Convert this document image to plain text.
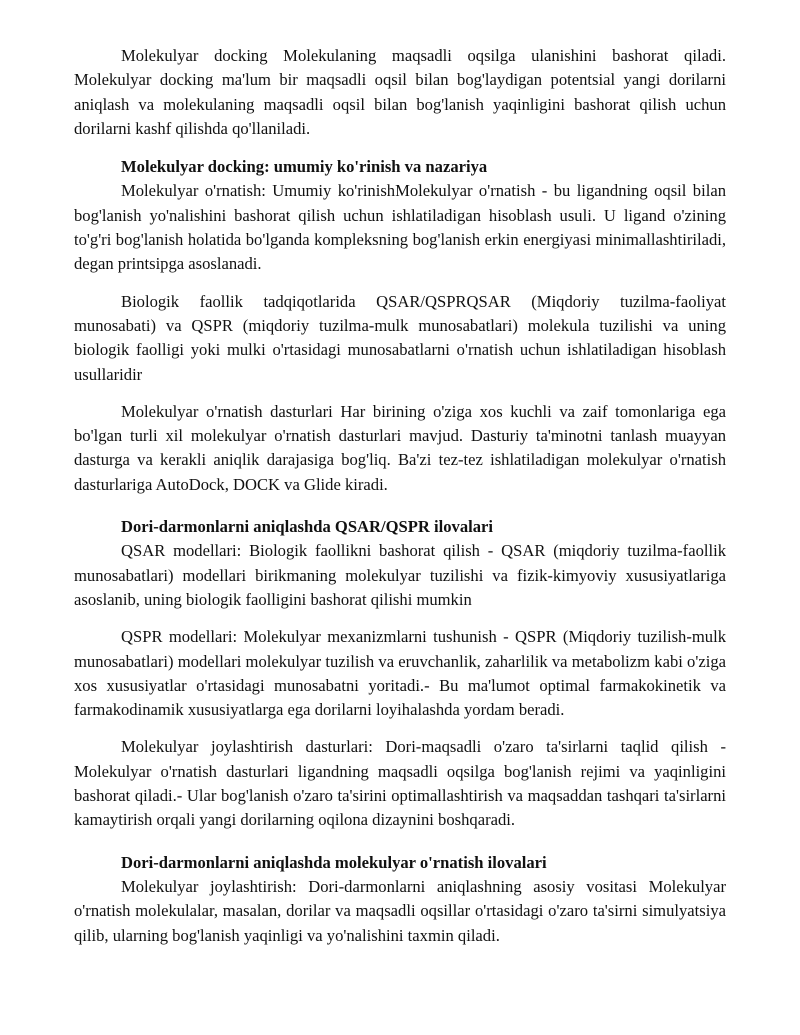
Molekulyar docking Molekulaning maqsadli oqsilga ulanishini bashorat qiladi. Molekulyar docking ma'lum bir maqsadli oqsil bilan bog'laydigan potentsial yangi dorilarni aniqlash va molekulaning maqsadli oqsil bilan bog'lanish yaqinligini bashorat qilish uchun dorilarni kashf qilishda qo'llaniladi.

Molekulyar docking: umumiy ko'rinish va nazariya

Molekulyar o'rnatish: Umumiy ko'rinishMolekulyar o'rnatish - bu ligandning oqsil bilan bog'lanish yo'nalishini bashorat qilish uchun ishlatiladigan hisoblash usuli. U ligand o'zining to'g'ri bog'lanish holatida bo'lganda kompleksning bog'lanish erkin energiyasi minimallashtiriladi, degan printsipga asoslanadi.

Biologik faollik tadqiqotlarida QSAR/QSPRQSAR (Miqdoriy tuzilma-faoliyat munosabati) va QSPR (miqdoriy tuzilma-mulk munosabatlari) molekula tuzilishi va uning biologik faolligi yoki mulki o'rtasidagi munosabatlarni o'rnatish uchun ishlatiladigan hisoblash usullaridir

Molekulyar o'rnatish dasturlari Har birining o'ziga xos kuchli va zaif tomonlariga ega bo'lgan turli xil molekulyar o'rnatish dasturlari mavjud. Dasturiy ta'minotni tanlash muayyan dasturga va kerakli aniqlik darajasiga bog'liq. Ba'zi tez-tez ishlatiladigan molekulyar o'rnatish dasturlariga AutoDock, DOCK va Glide kiradi.

Dori-darmonlarni aniqlashda QSAR/QSPR ilovalari

QSAR modellari: Biologik faollikni bashorat qilish - QSAR (miqdoriy tuzilma-faollik munosabatlari) modellari birikmaning molekulyar tuzilishi va fizik-kimyoviy xususiyatlariga asoslanib, uning biologik faolligini bashorat qilishi mumkin

QSPR modellari: Molekulyar mexanizmlarni tushunish - QSPR (Miqdoriy tuzilish-mulk munosabatlari) modellari molekulyar tuzilish va eruvchanlik, zaharlilik va metabolizm kabi o'ziga xos xususiyatlar o'rtasidagi munosabatni yoritadi.- Bu ma'lumot optimal farmakokinetik va farmakodinamik xususiyatlarga ega dorilarni loyihalashda yordam beradi.

Molekulyar joylashtirish dasturlari: Dori-maqsadli o'zaro ta'sirlarni taqlid qilish - Molekulyar o'rnatish dasturlari ligandning maqsadli oqsilga bog'lanish rejimi va yaqinligini bashorat qiladi.- Ular bog'lanish o'zaro ta'sirini optimallashtirish va maqsaddan tashqari ta'sirlarni kamaytirish orqali yangi dorilarning oqilona dizaynini boshqaradi.

Dori-darmonlarni aniqlashda molekulyar o'rnatish ilovalari

Molekulyar joylashtirish: Dori-darmonlarni aniqlashning asosiy vositasi Molekulyar o'rnatish molekulalar, masalan, dorilar va maqsadli oqsillar o'rtasidagi o'zaro ta'sirni simulyatsiya qilib, ularning bog'lanish yaqinligi va yo'nalishini taxmin qiladi.
